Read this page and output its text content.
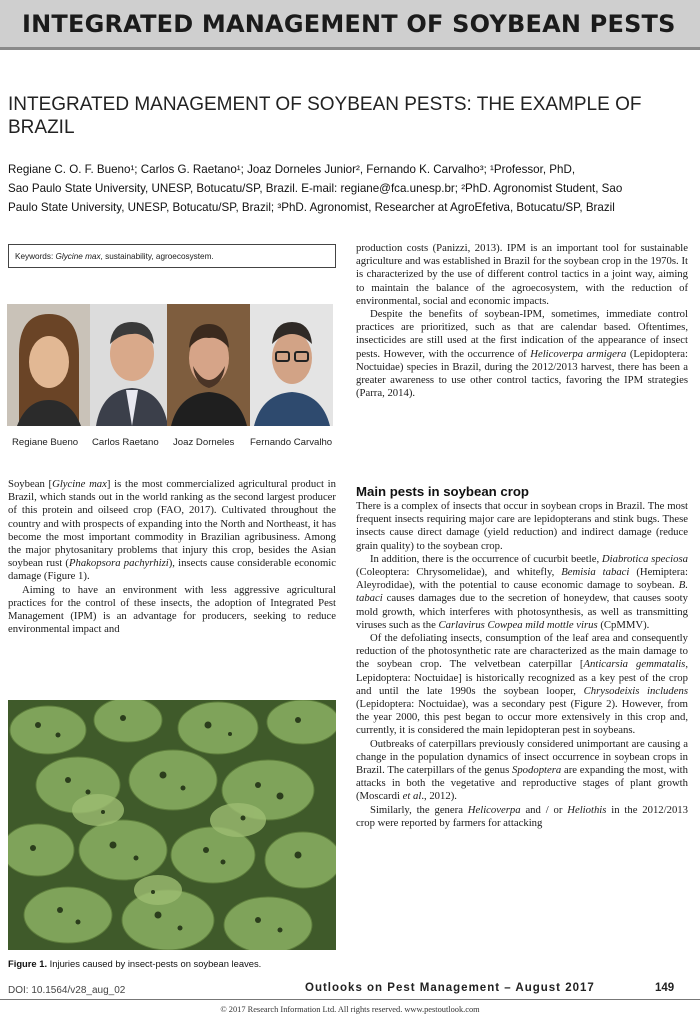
INTEGRATED MANAGEMENT OF SOYBEAN PESTS
INTEGRATED MANAGEMENT OF SOYBEAN PESTS: THE EXAMPLE OF BRAZIL
Regiane C. O. F. Bueno¹; Carlos G. Raetano¹; Joaz Dorneles Junior², Fernando K. Carvalho³; ¹Professor, PhD,
Sao Paulo State University, UNESP, Botucatu/SP, Brazil. E-mail: regiane@fca.unesp.br; ²PhD. Agronomist Student, Sao
Paulo State University, UNESP, Botucatu/SP, Brazil; ³PhD. Agronomist, Researcher at AgroEfetiva, Botucatu/SP, Brazil
Keywords: Glycine max, sustainability, agroecosystem.
Regiane Bueno Carlos Raetano Joaz Dorneles Fernando Carvalho

Soybean [Glycine max] is the most commercialized agricultural product in Brazil, which stands out in the world ranking as the second largest producer of this protein and oilseed crop (FAO, 2017). Cultivated throughout the country and with prospects of expanding into the North and Northeast, it has become the most important commodity in Brazilian agribusiness. Among the major phytosanitary problems that injury this crop, besides the Asian soybean rust (Phakopsora pachyrhizi), insects cause considerable economic damage (Figure 1).

Aiming to have an environment with less aggressive agricultural practices for the control of these insects, the adoption of Integrated Pest Management (IPM) is an advantage for producers, seeking to reduce environmental impact and

Figure 1. Injuries caused by insect-pests on soybean leaves.

production costs (Panizzi, 2013). IPM is an important tool for sustainable agriculture and was established in Brazil for the soybean crop in the 1970s. It is characterized by the use of different control tactics in a joint way, aiming to maintain the balance of the agroecosystem, with the reduction of environmental, social and economic impacts.

Despite the benefits of soybean-IPM, sometimes, immediate control practices are prioritized, such as that are calendar based. Oftentimes, insecticides are still used at the first indication of the appearance of insect pests. However, with the occurrence of Helicoverpa armigera (Lepidoptera: Noctuidae) species in Brazil, during the 2012/2013 harvest, there has been a greater awareness to use other control tactics, favoring the IPM strategies (Parra, 2014).

Main pests in soybean crop

There is a complex of insects that occur in soybean crops in Brazil. The most frequent insects requiring major care are lepidopterans and stink bugs. These insects cause direct damage (yield reduction) and indirect damage (reduce grain quality) to the soybean crop.

In addition, there is the occurrence of cucurbit beetle, Diabrotica speciosa (Coleoptera: Chrysomelidae), and whitefly, Bemisia tabaci (Hemiptera: Aleyrodidae), with the potential to cause economic damage to soybean. B. tabaci causes damages due to the secretion of honeydew, that causes sooty mold growth, which interferes with photosynthesis, as well as transmitting viruses such as the Carlavirus Cowpea mild mottle virus (CpMMV).

Of the defoliating insects, consumption of the leaf area and consequently reduction of the photosynthetic rate are characterized as the main damage to the soybean crop. The velvetbean caterpillar [Anticarsia gemmatalis, Lepidoptera: Noctuidae] is historically recognized as a key pest of the crop and until the late 1990s the soybean looper, Chrysodeixis includens (Lepidoptera: Noctuidae), was a secondary pest (Figure 2). However, from the year 2000, this pest began to occur more extensively in this crop and, currently, it is considered the main lepidopteran pest in soybeans.

Outbreaks of caterpillars previously considered unimportant are causing a change in the population dynamics of insect occurrence in soybean crops in Brazil. The caterpillars of the genus Spodoptera are expanding the most, with attacks in both the vegetative and reproductive stages of plant growth (Moscardi et al., 2012).

Similarly, the genera Helicoverpa and / or Heliothis in the 2012/2013 crop were reported by farmers for attacking

DOI: 10.1564/v28_aug_02	Outlooks on Pest Management – August 2017	149
© 2017 Research Information Ltd. All rights reserved. www.pestoutlook.com
